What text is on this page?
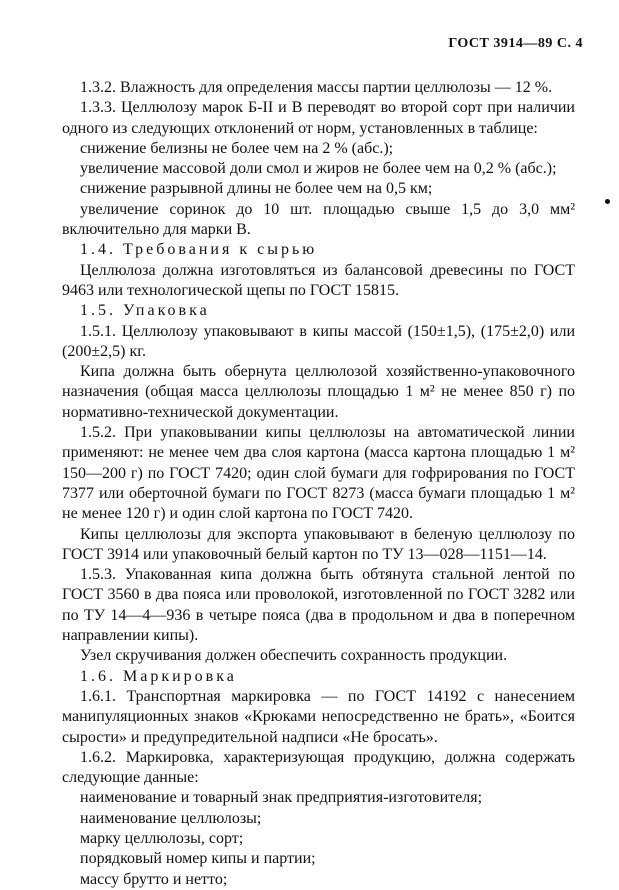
ГОСТ 3914—89 С. 4

1.3.2. Влажность для определения массы партии целлюлозы — 12 %.

1.3.3. Целлюлозу марок Б-II и В переводят во второй сорт при наличии одного из следующих отклонений от норм, установленных в таблице:

снижение белизны не более чем на 2 % (абс.);

увеличение массовой доли смол и жиров не более чем на 0,2 % (абс.);

снижение разрывной длины не более чем на 0,5 км;

увеличение соринок до 10 шт. площадью свыше 1,5 до 3,0 мм² включительно для марки В.

1.4. Требования к сырью

Целлюлоза должна изготовляться из балансовой древесины по ГОСТ 9463 или технологической щепы по ГОСТ 15815.

1.5. Упаковка

1.5.1. Целлюлозу упаковывают в кипы массой (150±1,5), (175±2,0) или (200±2,5) кг.

Кипа должна быть обернута целлюлозой хозяйственно-упаковочного назначения (общая масса целлюлозы площадью 1 м² не менее 850 г) по нормативно-технической документации.

1.5.2. При упаковывании кипы целлюлозы на автоматической линии применяют: не менее чем два слоя картона (масса картона площадью 1 м² 150—200 г) по ГОСТ 7420; один слой бумаги для гофрирования по ГОСТ 7377 или оберточной бумаги по ГОСТ 8273 (масса бумаги площадью 1 м² не менее 120 г) и один слой картона по ГОСТ 7420.

Кипы целлюлозы для экспорта упаковывают в беленую целлюлозу по ГОСТ 3914 или упаковочный белый картон по ТУ 13—028—1151—14.

1.5.3. Упакованная кипа должна быть обтянута стальной лентой по ГОСТ 3560 в два пояса или проволокой, изготовленной по ГОСТ 3282 или по ТУ 14—4—936 в четыре пояса (два в продольном и два в поперечном направлении кипы).

Узел скручивания должен обеспечить сохранность продукции.

1.6. Маркировка

1.6.1. Транспортная маркировка — по ГОСТ 14192 с нанесением манипуляционных знаков «Крюками непосредственно не брать», «Боится сырости» и предупредительной надписи «Не бросать».

1.6.2. Маркировка, характеризующая продукцию, должна содержать следующие данные:

наименование и товарный знак предприятия-изготовителя;

наименование целлюлозы;

марку целлюлозы, сорт;

порядковый номер кипы и партии;

массу брутто и нетто;
